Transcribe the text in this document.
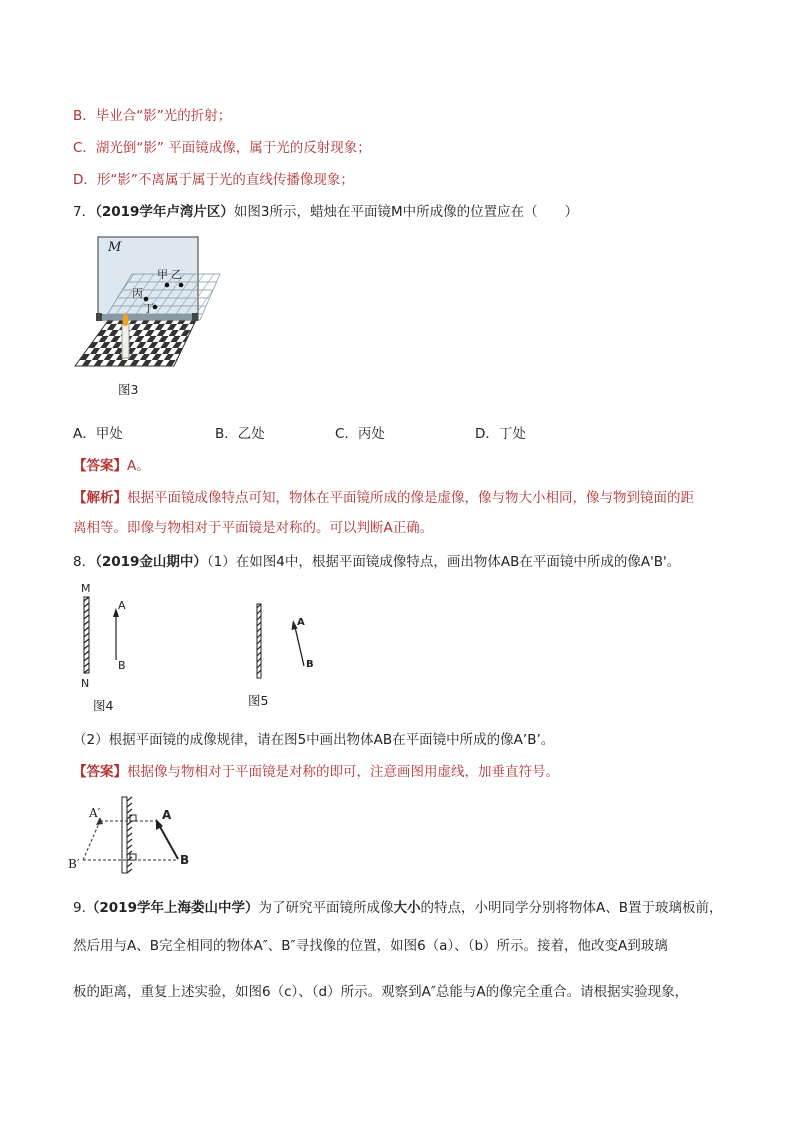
B．毕业合“影”光的折射；
C．湖光倒“影” 平面镜成像，属于光的反射现象；
D．形“影”不离属于属于光的直线传播像现象；
7．（2019学年卢湾片区）如图3所示，蜡烛在平面镜M中所成像的位置应在（　　）
M
甲 乙
丙
丁
图3
A．甲处	B．乙处	C．丙处	D．丁处
【答案】A。
【解析】根据平面镜成像特点可知，物体在平面镜所成的像是虚像，像与物大小相同，像与物到镜面的距
离相等。即像与物相对于平面镜是对称的。可以判断A正确。
8．（2019金山期中）（1）在如图4中，根据平面镜成像特点，画出物体AB在平面镜中所成的像A'B'。
M
N
A
B
图4
A
B
图5
（2）根据平面镜的成像规律，请在图5中画出物体AB在平面镜中所成的像A’B’。
【答案】根据像与物相对于平面镜是对称的即可，注意画图用虚线，加垂直符号。
A′
B′
A
B
9.（2019学年上海娄山中学）为了研究平面镜所成像大小的特点，小明同学分别将物体A、B置于玻璃板前，
然后用与A、B完全相同的物体A″、B″寻找像的位置，如图6（a）、（b）所示。接着，他改变A到玻璃
板的距离，重复上述实验，如图6（c）、（d）所示。观察到A″总能与A的像完全重合。请根据实验现象，
